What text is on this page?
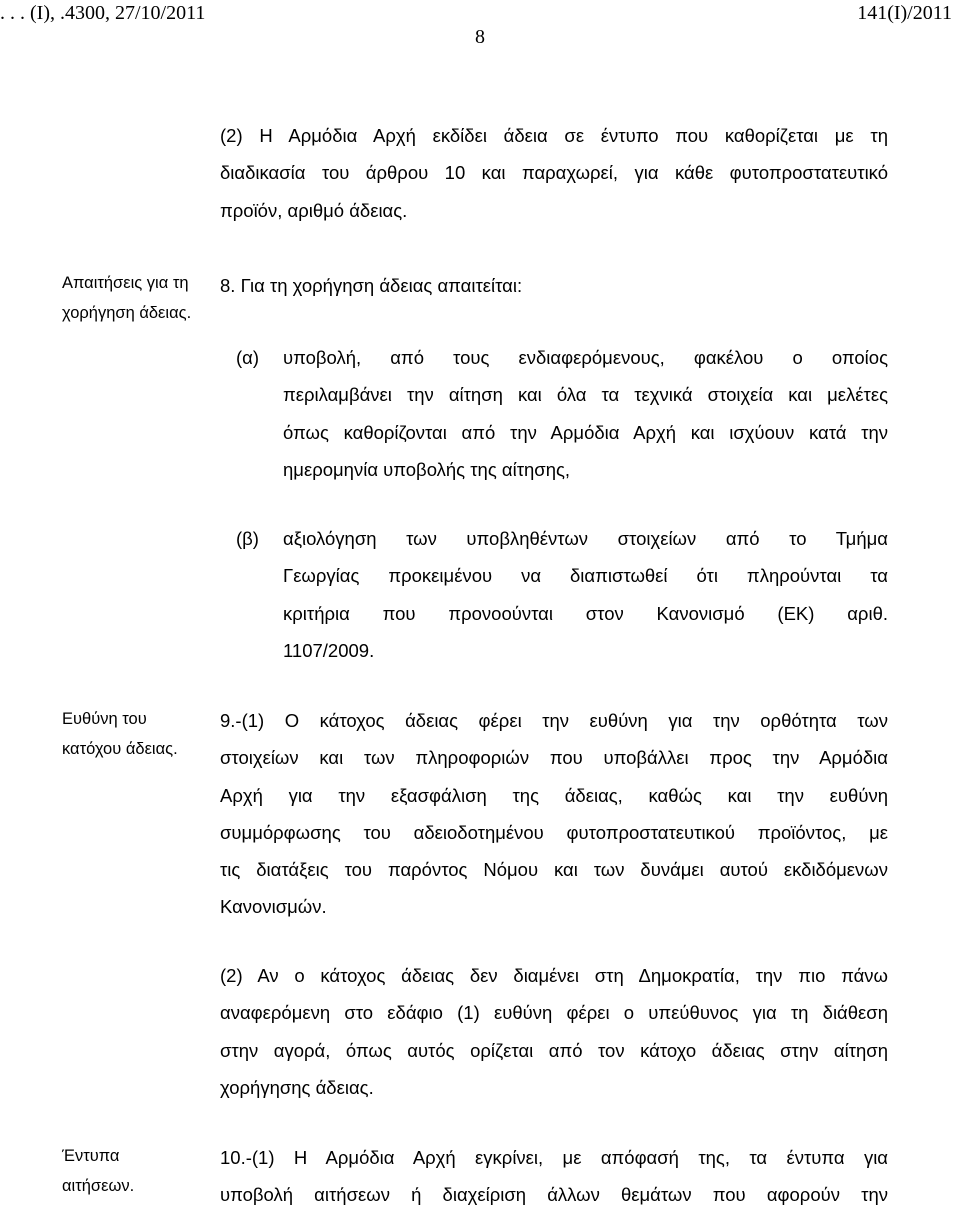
. . . (Ι), .4300, 27/10/2011	141(Ι)/2011
8
(2) Η Αρμόδια Αρχή εκδίδει άδεια σε έντυπο που καθορίζεται με τη
διαδικασία του άρθρου 10 και παραχωρεί, για κάθε φυτοπροστατευτικό
προϊόν, αριθμό άδειας.
Απαιτήσεις για τη
χορήγηση άδειας.
8. Για τη χορήγηση άδειας απαιτείται:
(α) υποβολή, από τους ενδιαφερόμενους, φακέλου ο οποίος
περιλαμβάνει την αίτηση και όλα τα τεχνικά στοιχεία και μελέτες
όπως καθορίζονται από την Αρμόδια Αρχή και ισχύουν κατά την
ημερομηνία υποβολής της αίτησης,
(β) αξιολόγηση των υποβληθέντων στοιχείων από το Τμήμα
Γεωργίας προκειμένου να διαπιστωθεί ότι πληρούνται τα
κριτήρια που προνοούνται στον Κανονισμό (ΕΚ) αριθ.
1107/2009.
Ευθύνη του
κατόχου άδειας.
9.-(1) Ο κάτοχος άδειας φέρει την ευθύνη για την ορθότητα των
στοιχείων και των πληροφοριών που υποβάλλει προς την Αρμόδια
Αρχή για την εξασφάλιση της άδειας, καθώς και την ευθύνη
συμμόρφωσης του αδειοδοτημένου φυτοπροστατευτικού προϊόντος, με
τις διατάξεις του παρόντος Νόμου και των δυνάμει αυτού εκδιδόμενων
Κανονισμών.
(2) Αν ο κάτοχος άδειας δεν διαμένει στη Δημοκρατία, την πιο πάνω
αναφερόμενη στο εδάφιο (1) ευθύνη φέρει ο υπεύθυνος για τη διάθεση
στην αγορά, όπως αυτός ορίζεται από τον κάτοχο άδειας στην αίτηση
χορήγησης άδειας.
Έντυπα
αιτήσεων.
10.-(1) Η Αρμόδια Αρχή εγκρίνει, με απόφασή της, τα έντυπα για
υποβολή αιτήσεων ή διαχείριση άλλων θεμάτων που αφορούν την
